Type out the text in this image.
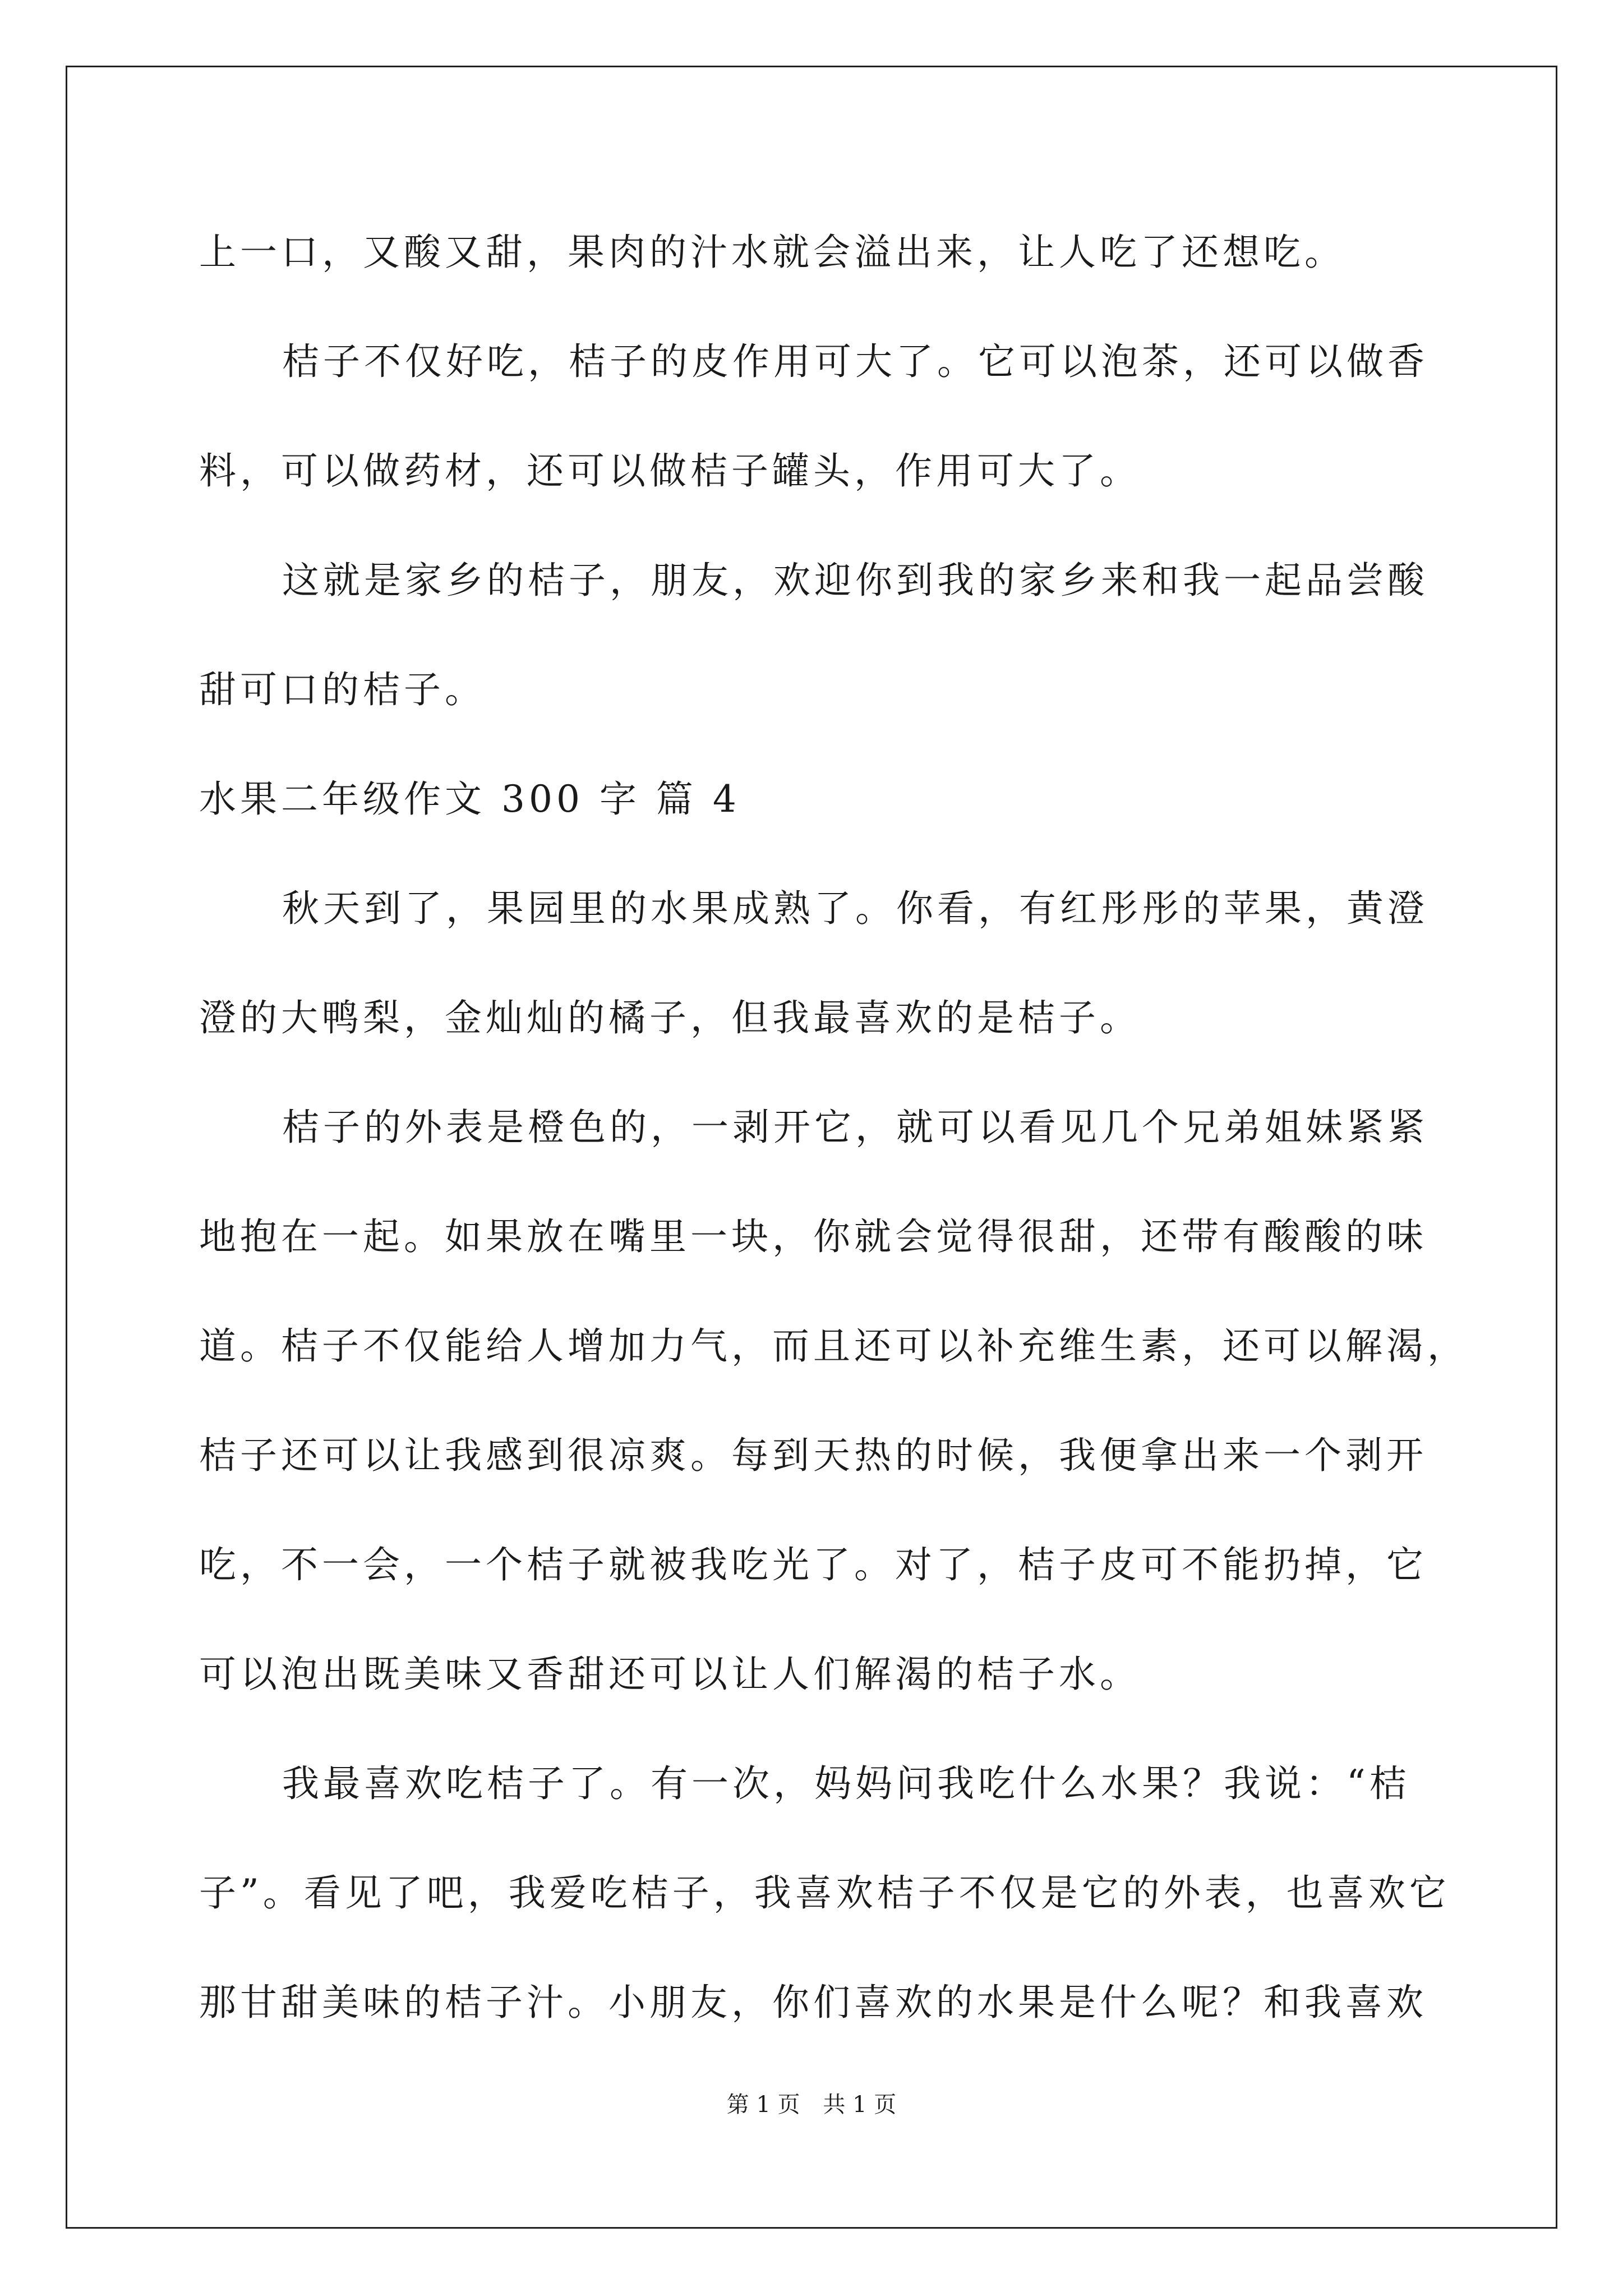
上一口，又酸又甜，果肉的汁水就会溢出来，让人吃了还想吃。
桔子不仅好吃，桔子的皮作用可大了。它可以泡茶，还可以做香
料，可以做药材，还可以做桔子罐头，作用可大了。
这就是家乡的桔子，朋友，欢迎你到我的家乡来和我一起品尝酸
甜可口的桔子。
水果二年级作文 300 字 篇 4
秋天到了，果园里的水果成熟了。你看，有红彤彤的苹果，黄澄
澄的大鸭梨，金灿灿的橘子，但我最喜欢的是桔子。
桔子的外表是橙色的，一剥开它，就可以看见几个兄弟姐妹紧紧
地抱在一起。如果放在嘴里一块，你就会觉得很甜，还带有酸酸的味
道。桔子不仅能给人增加力气，而且还可以补充维生素，还可以解渴，
桔子还可以让我感到很凉爽。每到天热的时候，我便拿出来一个剥开
吃，不一会，一个桔子就被我吃光了。对了，桔子皮可不能扔掉，它
可以泡出既美味又香甜还可以让人们解渴的桔子水。
我最喜欢吃桔子了。有一次，妈妈问我吃什么水果？我说：“桔
子”。看见了吧，我爱吃桔子，我喜欢桔子不仅是它的外表，也喜欢它
那甘甜美味的桔子汁。小朋友，你们喜欢的水果是什么呢？和我喜欢
第 1 页 共 1 页
